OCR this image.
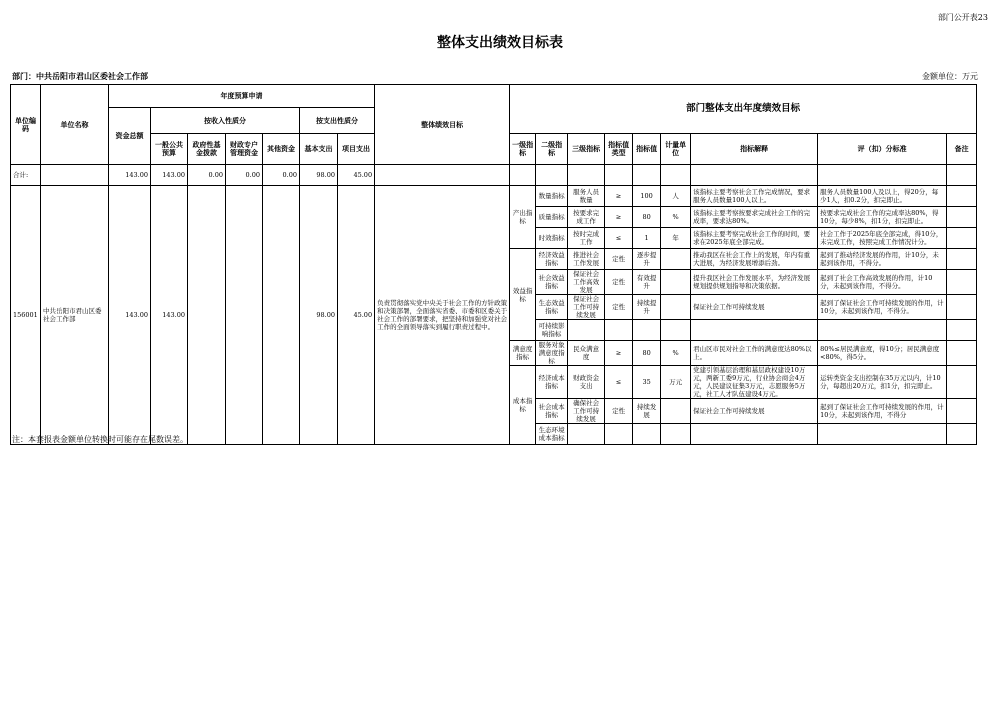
部门公开表23
整体支出绩效目标表
部门：中共岳阳市君山区委社会工作部	金额单位：万元
单位编码	单位名称	年度预算申请							整体绩效目标	部门整体支出年度绩效目标								
		资金总额	按收入性质分				按支出性质分											
			一般公共预算	政府性基金拨款	财政专户管理资金	其他资金	基本支出	项目支出		一级指标	二级指标	三级指标	指标值类型	指标值	计量单位	指标解释	评（扣）分标准	备注
合计:		143.00	143.00	0.00	0.00	0.00	98.00	45.00										
156001	中共岳阳市君山区委社会工作部	143.00	143.00				98.00	45.00	负责贯彻落实党中央关于社会工作的方针政策和决策部署，全面落实省委、市委和区委关于社会工作的部署要求，把坚持和加强党对社会工作的全面领导落实到履行职责过程中。	产出指标	数量指标	服务人员数量	≥	100	人	该指标主要考察社会工作完成情况，要求服务人员数量100人以上。	服务人员数量100人及以上，得20分，每少1人，扣0.2分，扣完即止。	
											质量指标	按要求完成工作	≥	80	%	该指标主要考察按要求完成社会工作的完成率，要求达80%。	按要求完成社会工作的完成率达80%，得10分，每少8%，扣1分，扣完即止。	
											时效指标	按时完成工作	≤	1	年	该指标主要考察完成社会工作的时间，要求在2025年底全部完成。	社会工作于2025年底全部完成，得10分，未完成工作，按照完成工作情况计分。	
										效益指标	经济效益指标	推进社会工作发展	定性	逐步提升		推动我区在社会工作上的发展，年内有重大进展，为经济发展增添后劲。	起到了推动经济发展的作用，计10分，未起到该作用，不得分。	
											社会效益指标	保证社会工作高效发展	定性	有效提升		提升我区社会工作发展水平，为经济发展规划提供规划指导和决策依据。	起到了社会工作高效发展的作用，计10分，未起到该作用，不得分。	
											生态效益指标	保证社会工作可持续发展	定性	持续提升		保证社会工作可持续发展	起到了保证社会工作可持续发展的作用，计10分，未起到该作用，不得分。	
											可持续影响指标							
										满意度指标	服务对象满意度指标	民众满意度	≥	80	%	君山区市民对社会工作的满意度达80%以上。	80%≤居民满意度，得10分；居民满意度<80%，得5分。	
										成本指标	经济成本指标	财政资金支出	≤	35	万元	党建引领基层治理和基层政权建设10万元，两新工委9万元，行业协会商会4万元，人民建议征集3万元，志愿服务5万元，社工人才队伍建设4万元。	运转类资金支出控制在35万元以内，计10分，每超出20万元，扣1分，扣完即止。	
											社会成本指标	确保社会工作可持续发展	定性	持续发展		保证社会工作可持续发展	起到了保证社会工作可持续发展的作用，计10分，未起到该作用，不得分	
											生态环境成本指标							
注：本套报表金额单位转换时可能存在尾数误差。
